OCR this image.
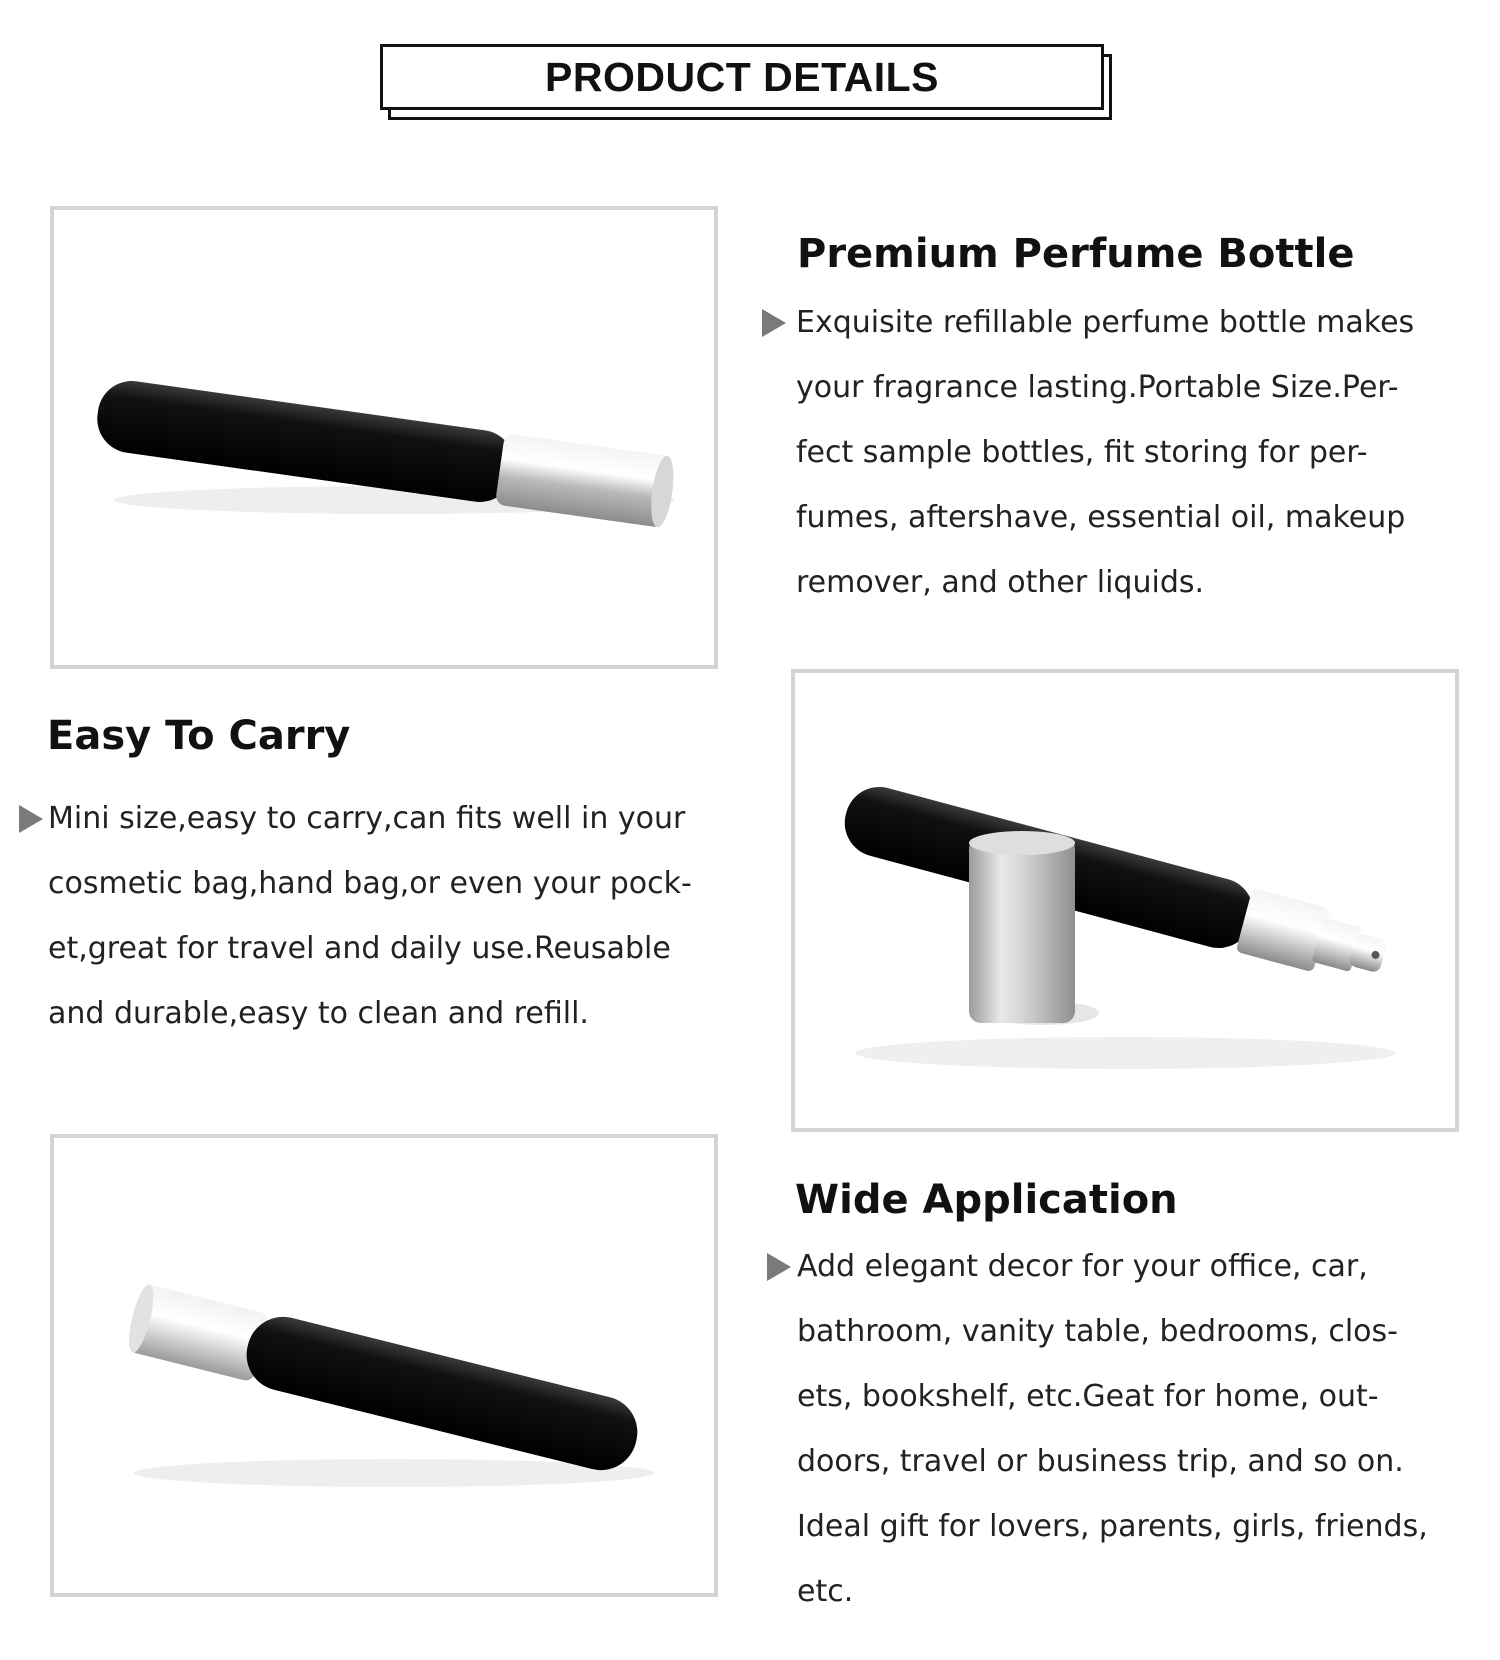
PRODUCT DETAILS
Premium Perfume Bottle

Exquisite refillable perfume bottle makes
your fragrance lasting.Portable Size.Per-
fect sample bottles, fit storing for per-
fumes, aftershave, essential oil, makeup
remover, and other liquids.

Easy To Carry

Mini size,easy to carry,can fits well in your
cosmetic bag,hand bag,or even your pock-
et,great for travel and daily use.Reusable
and durable,easy to clean and refill.

Wide Application

Add elegant decor for your office, car,
bathroom, vanity table, bedrooms, clos-
ets, bookshelf, etc.Geat for home, out-
doors, travel or business trip, and so on.
Ideal gift for lovers, parents, girls, friends,
etc.
